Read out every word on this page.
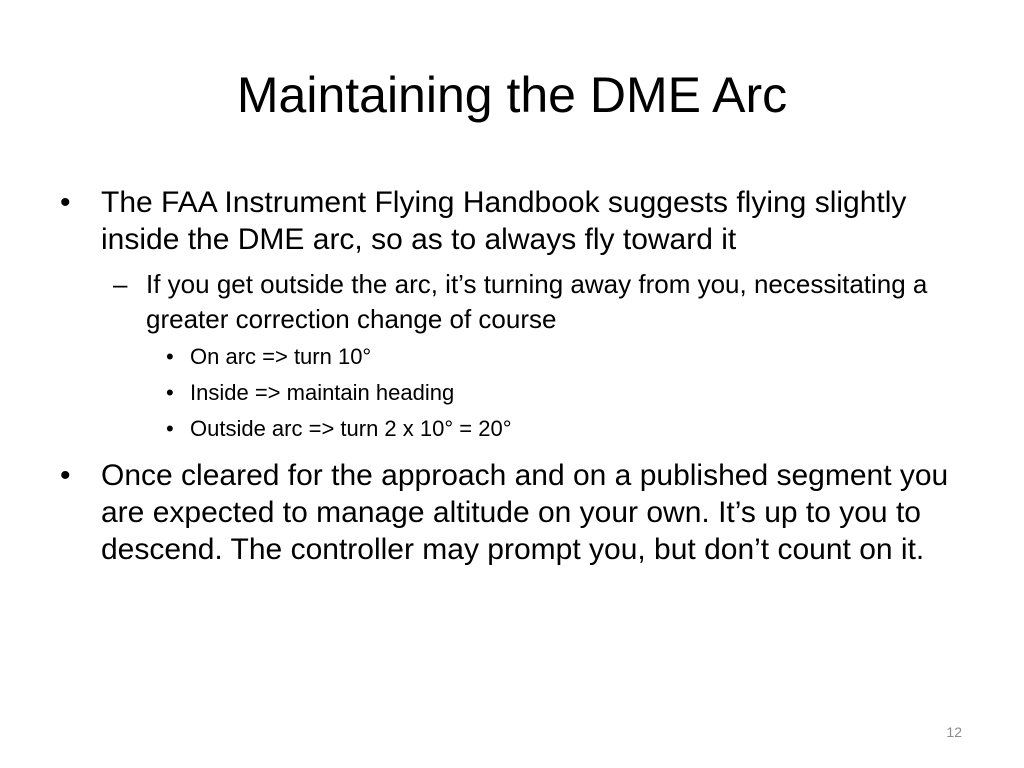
Maintaining the DME Arc
•	The FAA Instrument Flying Handbook suggests flying slightly inside the DME arc, so as to always fly toward it
– If you get outside the arc, it’s turning away from you, necessitating a greater correction change of course
• On arc => turn 10°
• Inside => maintain heading
• Outside arc => turn 2 x 10° = 20°
•	Once cleared for the approach and on a published segment you are expected to manage altitude on your own. It’s up to you to descend. The controller may prompt you, but don’t count on it.
12
